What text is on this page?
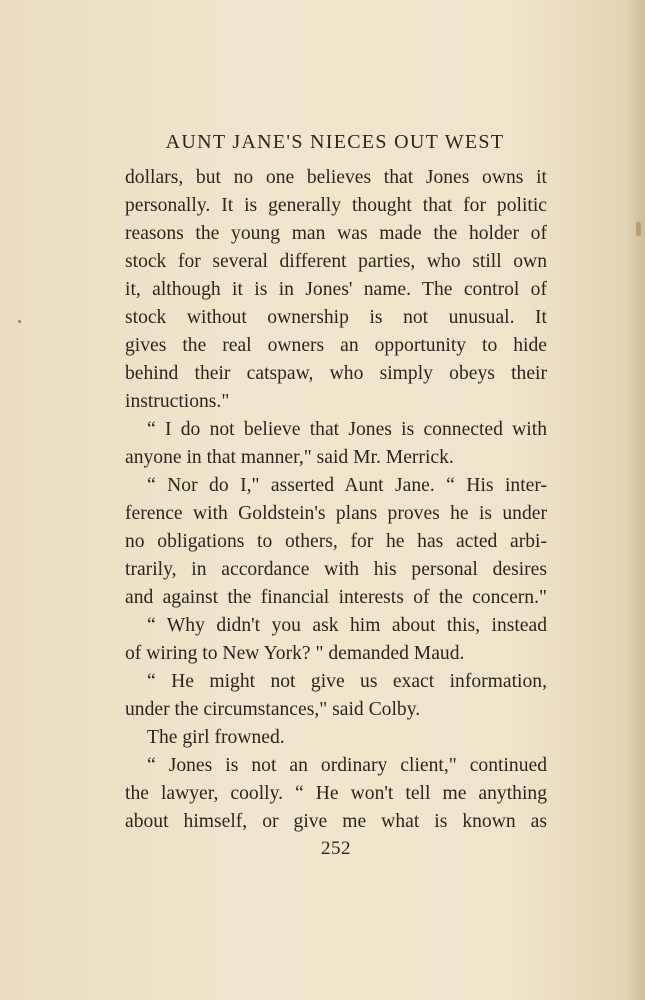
AUNT JANE'S NIECES OUT WEST
dollars, but no one believes that Jones owns it
personally. It is generally thought that for politic
reasons the young man was made the holder of
stock for several different parties, who still own
it, although it is in Jones' name. The control of
stock without ownership is not unusual. It
gives the real owners an opportunity to hide
behind their catspaw, who simply obeys their
instructions."
“ I do not believe that Jones is connected with
anyone in that manner," said Mr. Merrick.
“ Nor do I," asserted Aunt Jane. “ His inter-
ference with Goldstein's plans proves he is under
no obligations to others, for he has acted arbi-
trarily, in accordance with his personal desires
and against the financial interests of the concern."
“ Why didn't you ask him about this, instead
of wiring to New York? " demanded Maud.
“ He might not give us exact information,
under the circumstances," said Colby.
The girl frowned.
“ Jones is not an ordinary client," continued
the lawyer, coolly. “ He won't tell me anything
about himself, or give me what is known as
252
